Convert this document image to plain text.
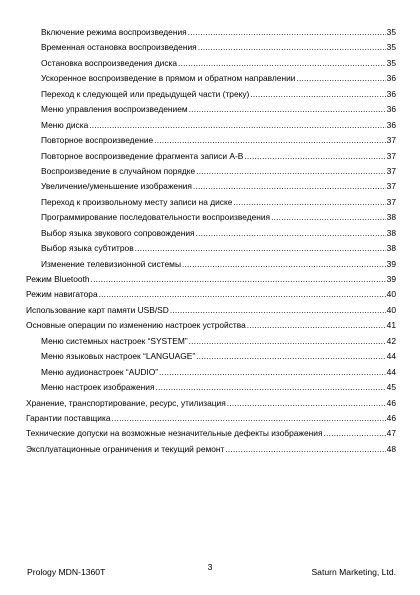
Включение режима воспроизведения .....	35
Временная остановка воспроизведения .....	35
Остановка воспроизведения диска .....	35
Ускоренное воспроизведение в прямом и обратном направлении .....	36
Переход к следующей или предыдущей части (треку) .....	36
Меню управления воспроизведением .....	36
Меню диска .....	36
Повторное воспроизведение .....	37
Повторное воспроизведение фрагмента записи A-B .....	37
Воспроизведение в случайном порядке .....	37
Увеличение/уменьшение изображения .....	37
Переход к произвольному месту записи на диске .....	37
Программирование последовательности воспроизведения .....	38
Выбор языка звукового сопровождения .....	38
Выбор языка субтитров .....	38
Изменение телевизионной системы .....	39
Режим Bluetooth .....	39
Режим навигатора .....	40
Использование карт памяти USB/SD .....	40
Основные операции по изменению настроек устройства .....	41
Меню системных настроек “SYSTEM” .....	42
Меню языковых настроек “LANGUAGE” .....	44
Меню аудионастроек “AUDIO” .....	44
Меню настроек изображения .....	45
Хранение, транспортирование, ресурс, утилизация .....	46
Гарантии поставщика .....	46
Технические допуски на возможные незначительные дефекты изображения .....	47
Эксплуатационные ограничения и текущий ремонт .....	48
Prology MDN-1360T	3	Saturn Marketing, Ltd.
